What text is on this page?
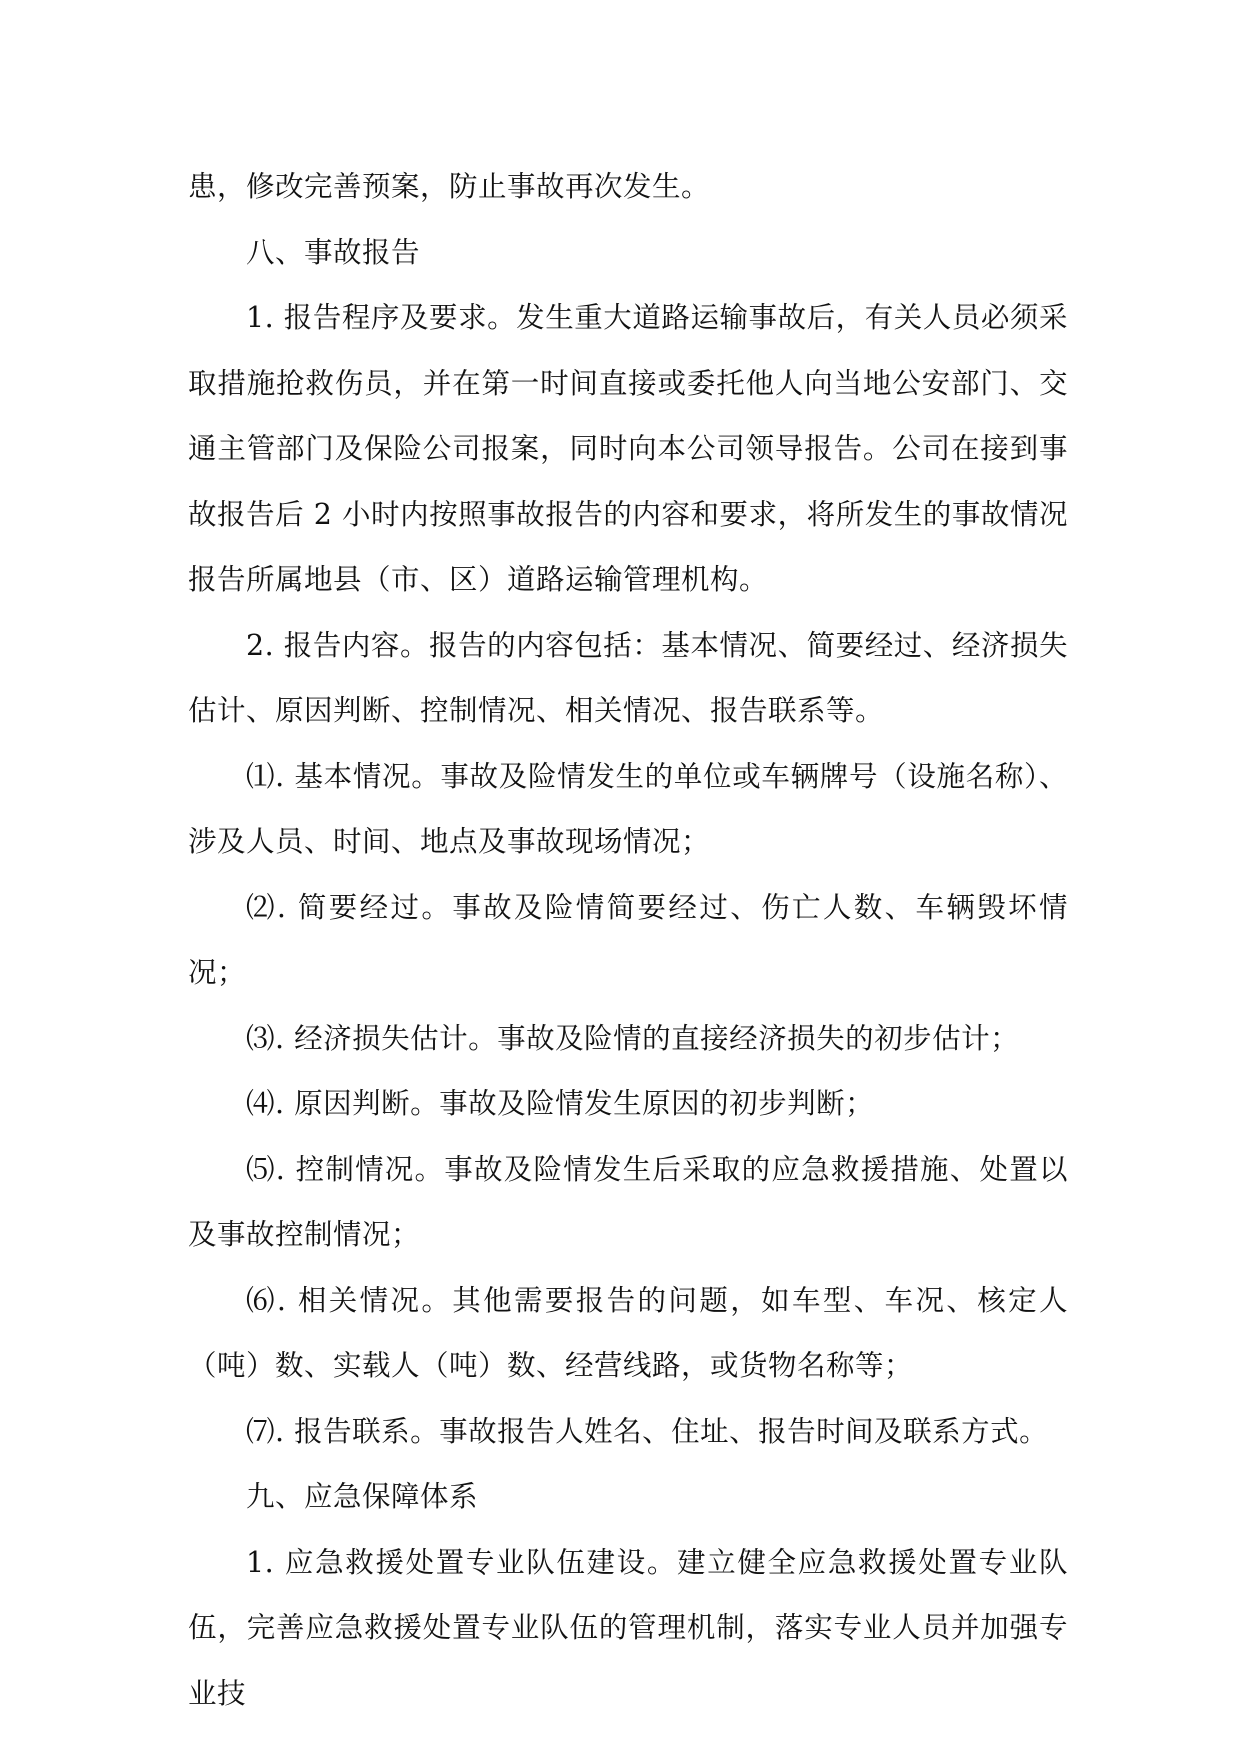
患，修改完善预案，防止事故再次发生。

八、事故报告

1. 报告程序及要求。发生重大道路运输事故后，有关人员必须采取措施抢救伤员，并在第一时间直接或委托他人向当地公安部门、交通主管部门及保险公司报案，同时向本公司领导报告。公司在接到事故报告后 2 小时内按照事故报告的内容和要求，将所发生的事故情况报告所属地县（市、区）道路运输管理机构。

2. 报告内容。报告的内容包括：基本情况、简要经过、经济损失估计、原因判断、控制情况、相关情况、报告联系等。

⑴. 基本情况。事故及险情发生的单位或车辆牌号（设施名称）、涉及人员、时间、地点及事故现场情况；

⑵. 简要经过。事故及险情简要经过、伤亡人数、车辆毁坏情况；

⑶. 经济损失估计。事故及险情的直接经济损失的初步估计；

⑷. 原因判断。事故及险情发生原因的初步判断；

⑸. 控制情况。事故及险情发生后采取的应急救援措施、处置以及事故控制情况；

⑹. 相关情况。其他需要报告的问题，如车型、车况、核定人（吨）数、实载人（吨）数、经营线路，或货物名称等；

⑺. 报告联系。事故报告人姓名、住址、报告时间及联系方式。

九、应急保障体系

1. 应急救援处置专业队伍建设。建立健全应急救援处置专业队伍，完善应急救援处置专业队伍的管理机制，落实专业人员并加强专业技
